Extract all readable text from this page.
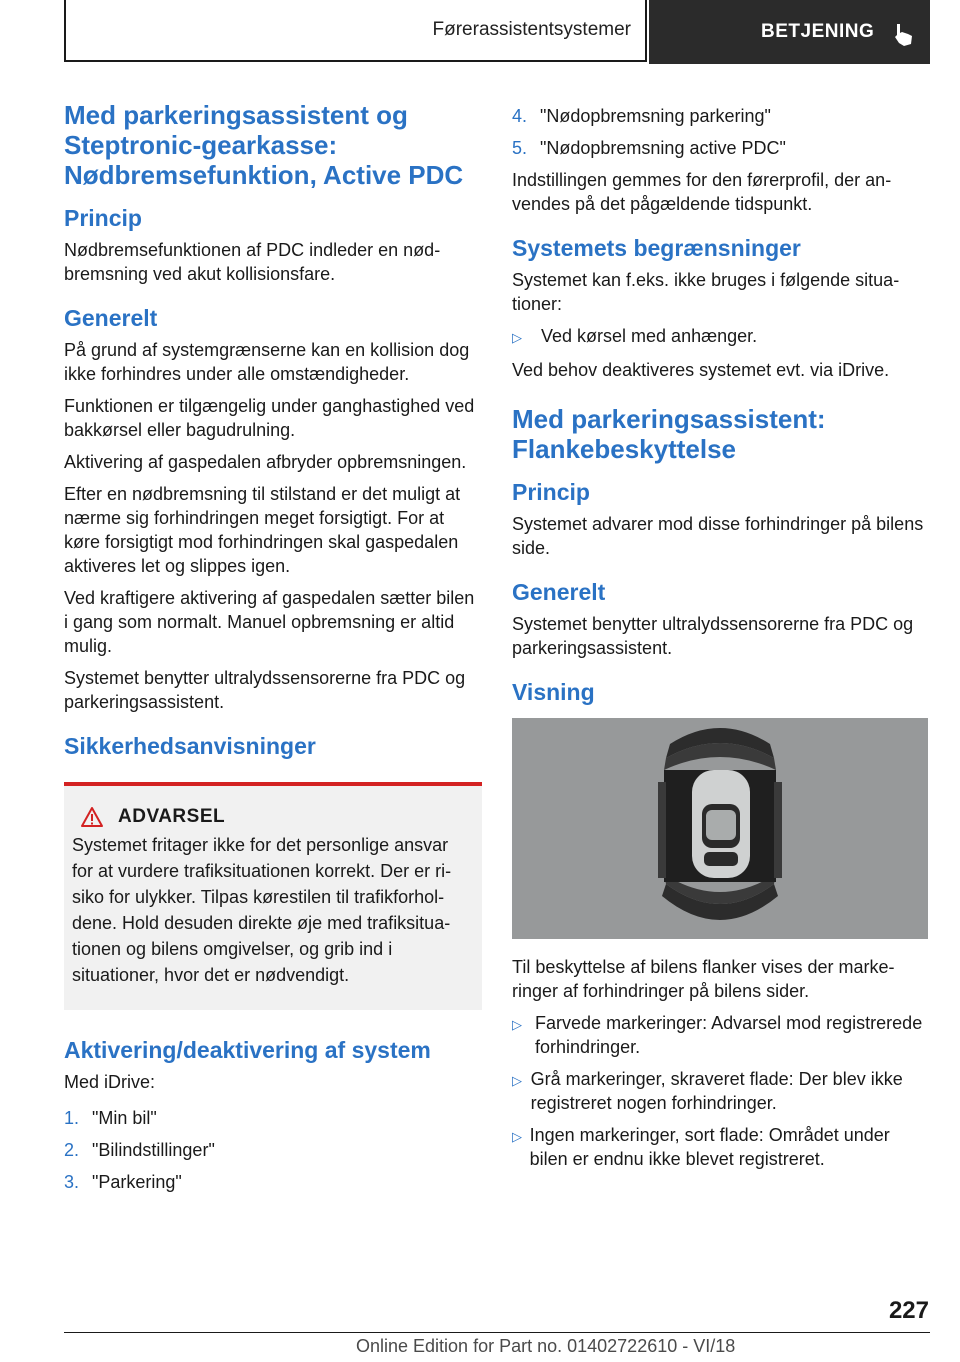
Førerassistentsystemer	BETJENING
Med parkeringsassistent og Steptronic-gearkasse: Nødbremsefunktion, Active PDC
Princip

Nødbremsefunktionen af PDC indleder en nødbremsning ved akut kollisionsfare.

Generelt

På grund af systemgrænserne kan en kollision dog ikke forhindres under alle omstændigheder.

Funktionen er tilgængelig under ganghastighed ved bakkørsel eller bagudrulning.

Aktivering af gaspedalen afbryder opbremsningen.

Efter en nødbremsning til stilstand er det muligt at nærme sig forhindringen meget forsigtigt. For at køre forsigtigt mod forhindringen skal gaspedalen aktiveres let og slippes igen.

Ved kraftigere aktivering af gaspedalen sætter bilen i gang som normalt. Manuel opbremsning er altid mulig.

Systemet benytter ultralydssensorerne fra PDC og parkeringsassistent.

Sikkerhedsanvisninger
ADVARSEL

Systemet fritager ikke for det personlige ansvar for at vurdere trafiksituationen korrekt. Der er risiko for ulykker. Tilpas kørestilen til trafikforholdene. Hold desuden direkte øje med trafiksituationen og bilens omgivelser, og grib ind i situationer, hvor det er nødvendigt.

Aktivering/deaktivering af system

Med iDrive:

1. "Min bil"
2. "Bilindstillinger"
3. "Parkering"
4. "Nødopbremsning parkering"
5. "Nødopbremsning active PDC"

Indstillingen gemmes for den førerprofil, der anvendes på det pågældende tidspunkt.

Systemets begrænsninger

Systemet kan f.eks. ikke bruges i følgende situationer:

▷	Ved kørsel med anhænger.

Ved behov deaktiveres systemet evt. via iDrive.

Med parkeringsassistent: Flankebeskyttelse
Princip

Systemet advarer mod disse forhindringer på bilens side.

Generelt

Systemet benytter ultralydssensorerne fra PDC og parkeringsassistent.

Visning

Til beskyttelse af bilens flanker vises der markeringer af forhindringer på bilens sider.

▷ Farvede markeringer: Advarsel mod registrerede forhindringer.
▷ Grå markeringer, skraveret flade: Der blev ikke registreret nogen forhindringer.
▷ Ingen markeringer, sort flade: Området under bilen er endnu ikke blevet registreret.
227
Online Edition for Part no. 01402722610 - VI/18
